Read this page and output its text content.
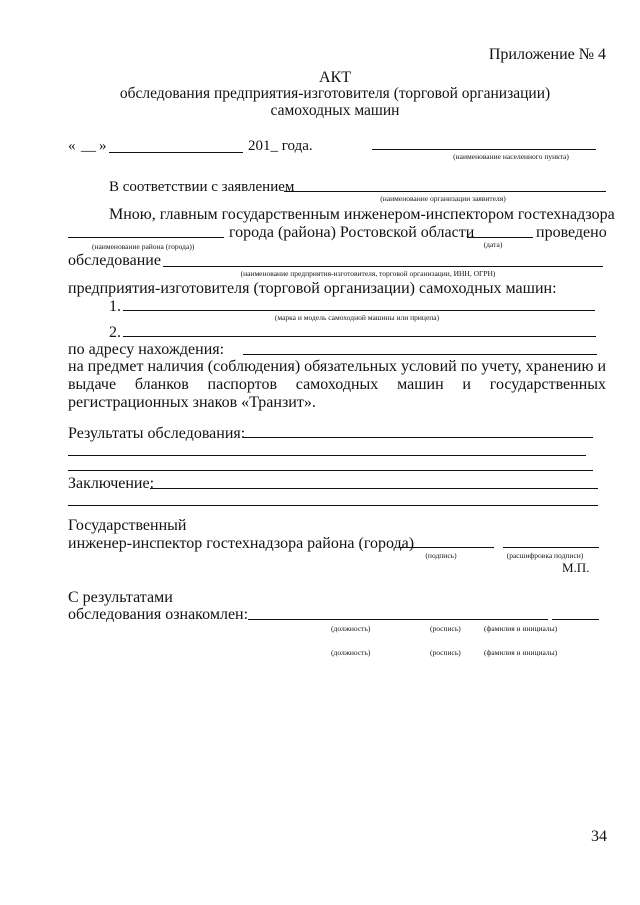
Приложение № 4
АКТ
обследования предприятия-изготовителя (торговой организации)
самоходных машин
« __ »	201_ года.
(наименование населенного пункта)
В соответствии с заявлением
(наименование организации заявителя)
Мною, главным государственным инженером-инспектором гостехнадзора
города (района) Ростовской области	проведено
(наименование района (города))	(дата)
обследование
(наименование предприятия-изготовителя, торговой организации, ИНН, ОГРН)
предприятия-изготовителя (торговой организации) самоходных машин:
1.
(марка и модель самоходной машины или прицепа)
2.
по адресу нахождения:
на предмет наличия (соблюдения) обязательных условий по учету, хранению и
выдаче бланков паспортов самоходных машин и государственных
регистрационных знаков «Транзит».
Результаты обследования:
Заключение:
Государственный
инженер-инспектор гостехнадзора района (города)
(подпись)	(расшифровка подписи)
М.П.
С результатами
обследования ознакомлен:
(должность)	(роспись)	(фамилия и инициалы)
(должность)	(роспись)	(фамилия и инициалы)
34
